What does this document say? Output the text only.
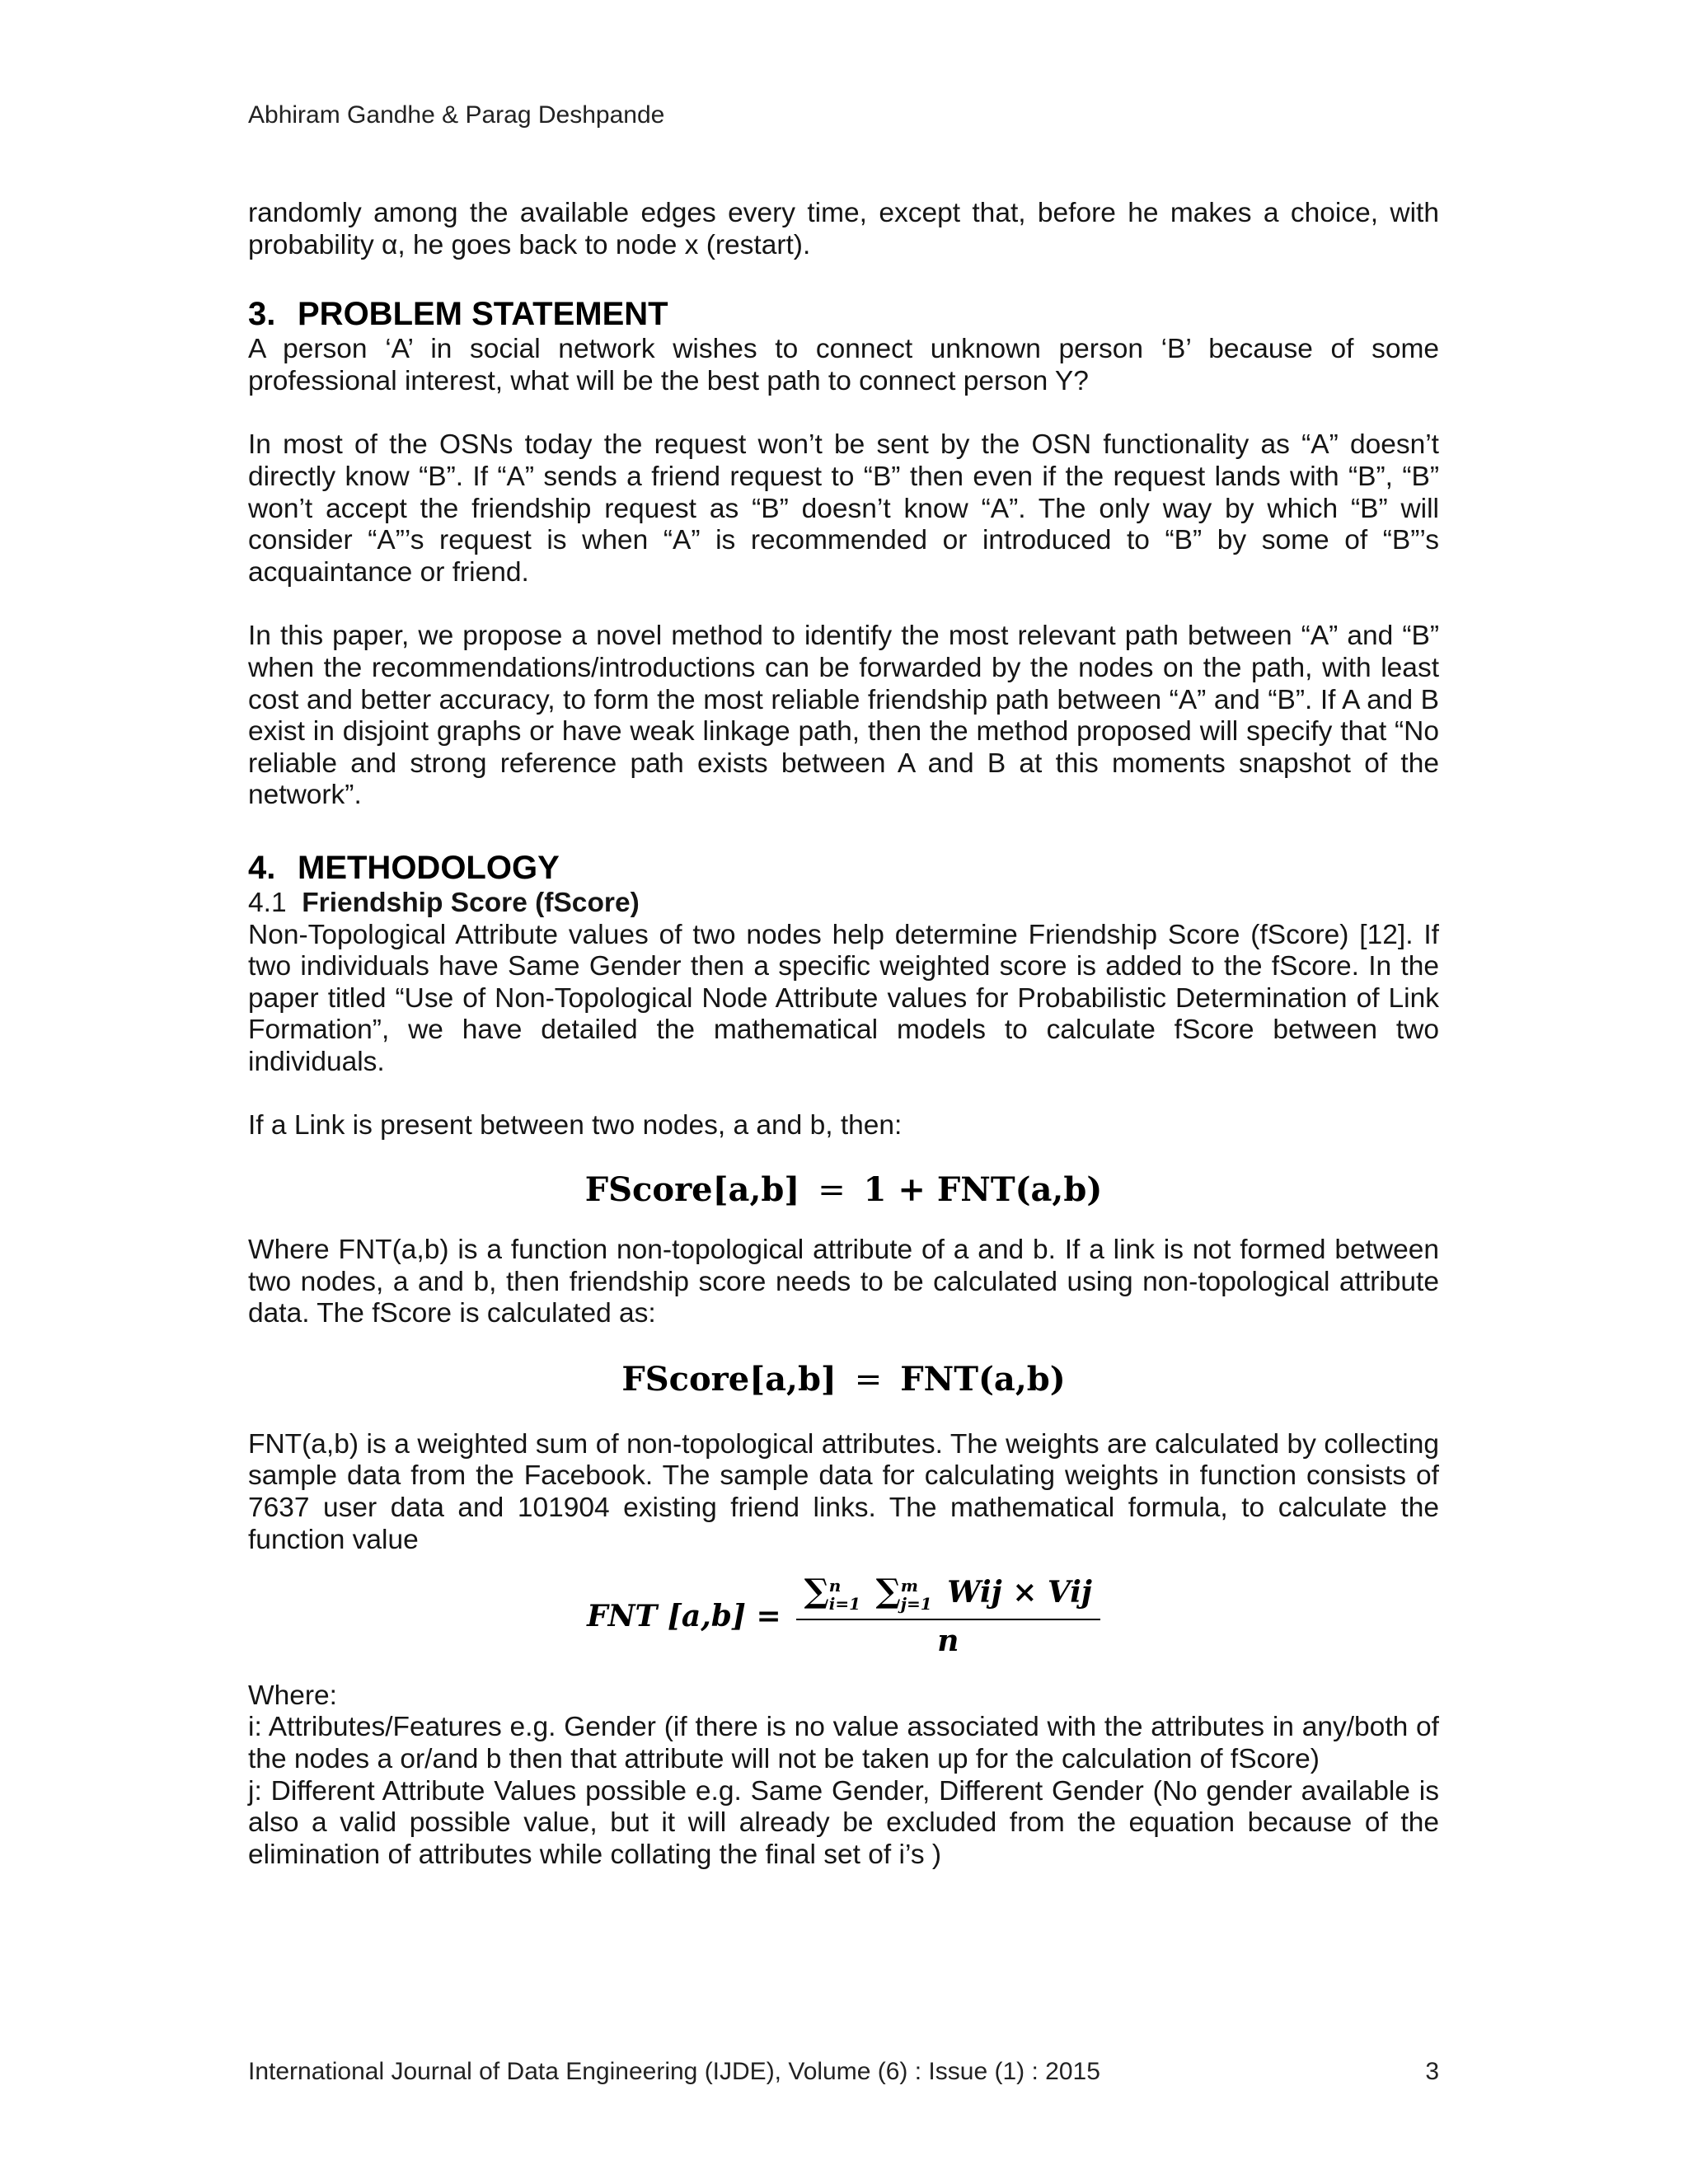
Abhiram Gandhe & Parag Deshpande

randomly among the available edges every time, except that, before he makes a choice, with probability α, he goes back to node x (restart).

3. PROBLEM STATEMENT

A person ‘A’ in social network wishes to connect unknown person ‘B’ because of some professional interest, what will be the best path to connect person Y?

In most of the OSNs today the request won’t be sent by the OSN functionality as “A” doesn’t directly know “B”. If “A” sends a friend request to “B” then even if the request lands with “B”, “B” won’t accept the friendship request as “B” doesn’t know “A”. The only way by which “B” will consider “A”’s request is when “A” is recommended or introduced to “B” by some of “B”’s acquaintance or friend.

In this paper, we propose a novel method to identify the most relevant path between “A” and “B” when the recommendations/introductions can be forwarded by the nodes on the path, with least cost and better accuracy, to form the most reliable friendship path between “A” and “B”. If A and B exist in disjoint graphs or have weak linkage path, then the method proposed will specify that “No reliable and strong reference path exists between A and B at this moments snapshot of the network”.

4. METHODOLOGY

4.1 Friendship Score (fScore)

Non-Topological Attribute values of two nodes help determine Friendship Score (fScore) [12]. If two individuals have Same Gender then a specific weighted score is added to the fScore. In the paper titled “Use of Non-Topological Node Attribute values for Probabilistic Determination of Link Formation”, we have detailed the mathematical models to calculate fScore between two individuals.

If a Link is present between two nodes, a and b, then:

FScore[a,b] = 1 + FNT(a,b)

Where FNT(a,b) is a function non-topological attribute of a and b. If a link is not formed between two nodes, a and b, then friendship score needs to be calculated using non-topological attribute data. The fScore is calculated as:

FScore[a,b] = FNT(a,b)

FNT(a,b) is a weighted sum of non-topological attributes. The weights are calculated by collecting sample data from the Facebook. The sample data for calculating weights in function consists of 7637 user data and 101904 existing friend links. The mathematical formula, to calculate the function value

FNT [a,b] = ∑ n
i=1 ∑ m
j=1 Wij × Vij
n

Where:

i: Attributes/Features e.g. Gender (if there is no value associated with the attributes in any/both of the nodes a or/and b then that attribute will not be taken up for the calculation of fScore)

j: Different Attribute Values possible e.g. Same Gender, Different Gender (No gender available is also a valid possible value, but it will already be excluded from the equation because of the elimination of attributes while collating the final set of i’s )

International Journal of Data Engineering (IJDE), Volume (6) : Issue (1) : 2015	3
